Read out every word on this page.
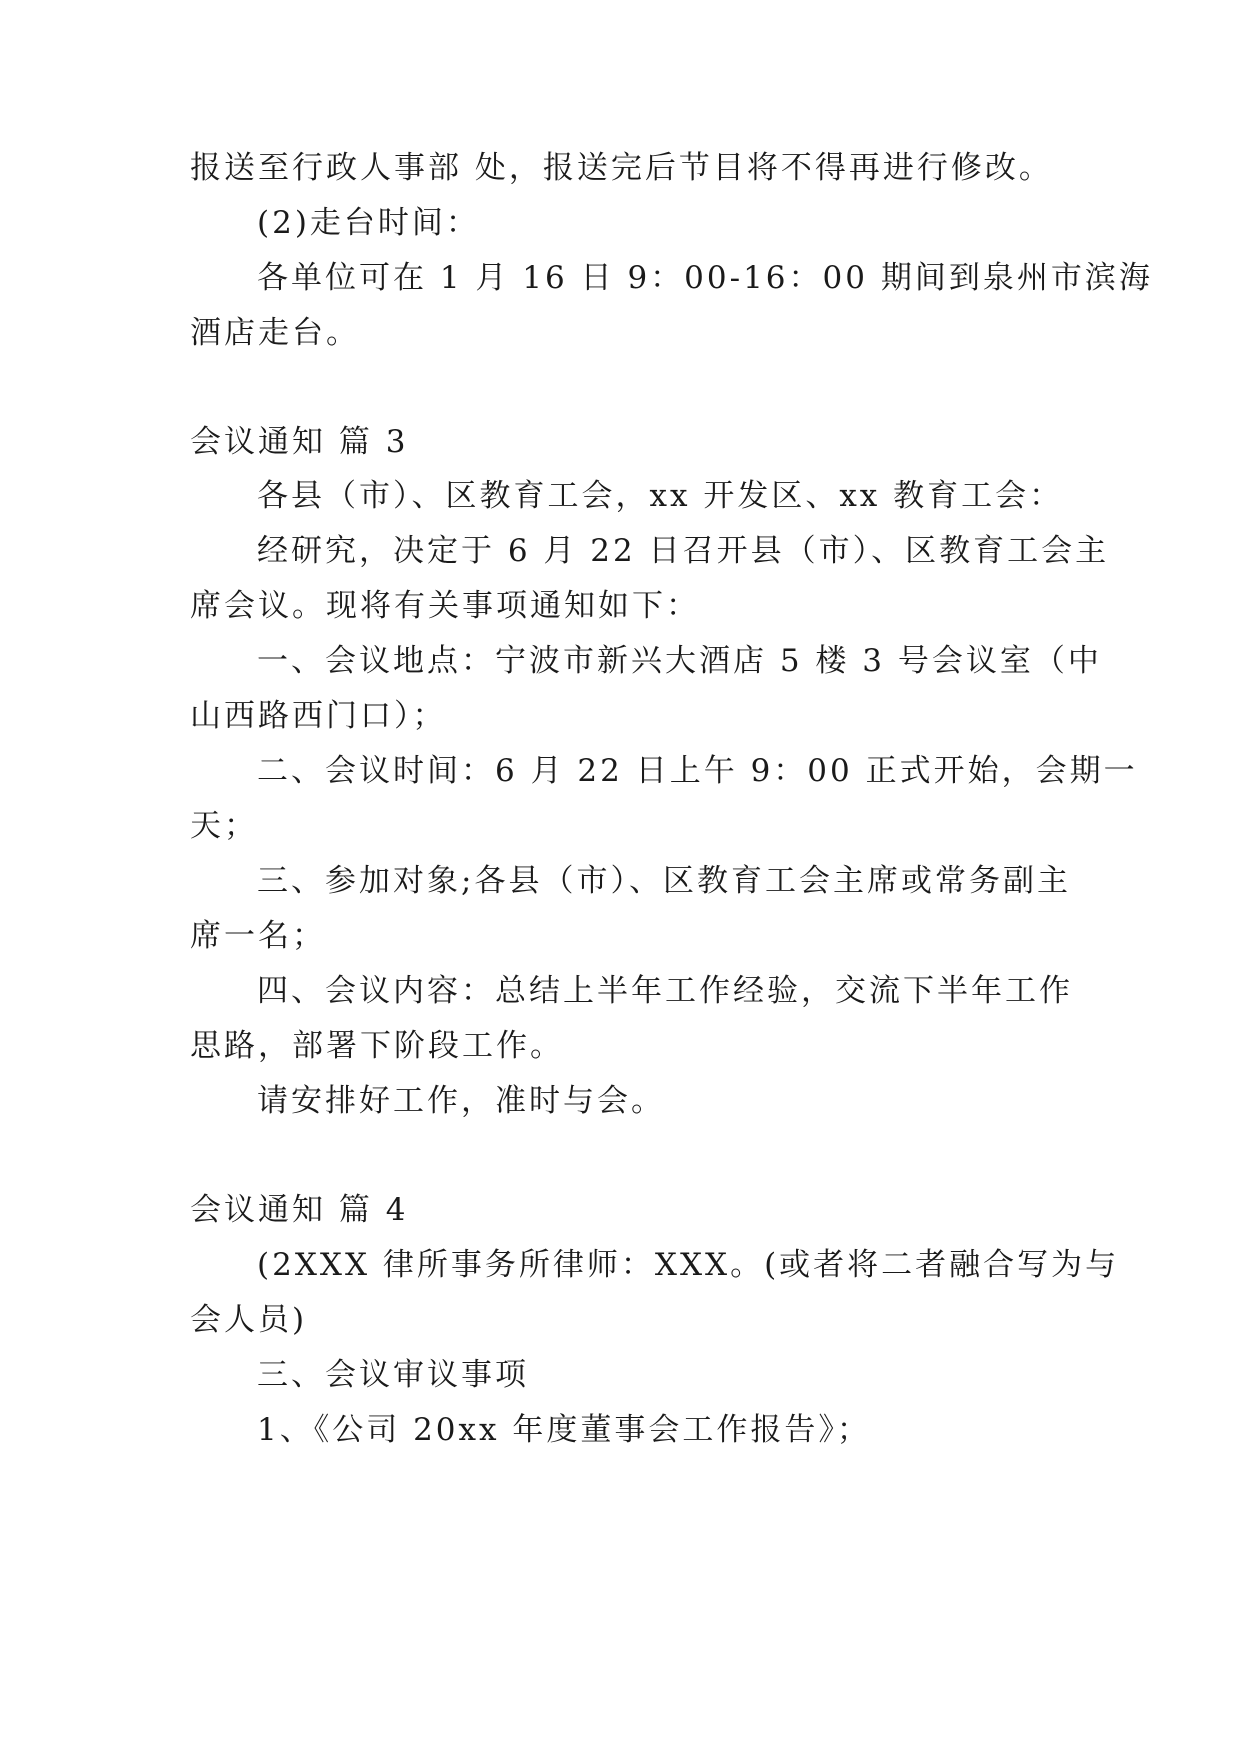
报送至行政人事部 处，报送完后节目将不得再进行修改。
(2)走台时间：
各单位可在 1 月 16 日 9：00-16：00 期间到泉州市滨海
酒店走台。
会议通知 篇 3
各县（市）、区教育工会，xx 开发区、xx 教育工会：
经研究，决定于 6 月 22 日召开县（市）、区教育工会主
席会议。现将有关事项通知如下：
一、会议地点：宁波市新兴大酒店 5 楼 3 号会议室（中
山西路西门口）；
二、会议时间：6 月 22 日上午 9：00 正式开始，会期一
天；
三、参加对象;各县（市）、区教育工会主席或常务副主
席一名；
四、会议内容：总结上半年工作经验，交流下半年工作
思路，部署下阶段工作。
请安排好工作，准时与会。
会议通知 篇 4
(2XXX 律所事务所律师：XXX。(或者将二者融合写为与
会人员)
三、会议审议事项
1、《公司 20xx 年度董事会工作报告》；
